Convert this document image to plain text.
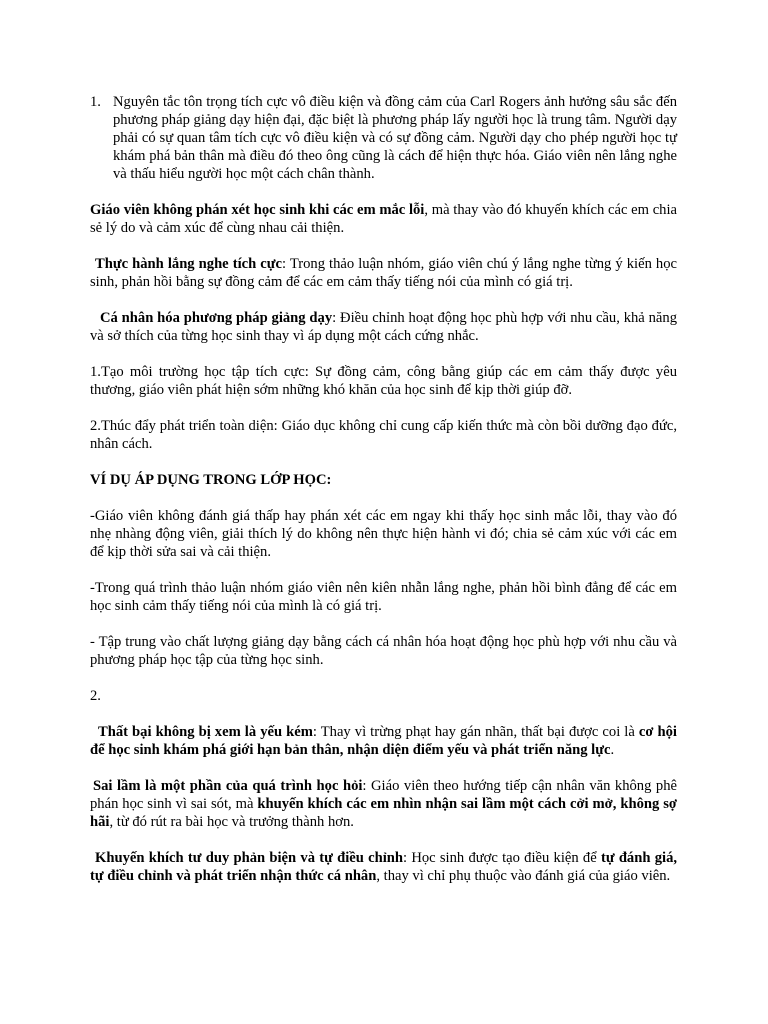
1. Nguyên tắc tôn trọng tích cực vô điều kiện và đồng cảm của Carl Rogers ảnh hưởng sâu sắc đến phương pháp giảng dạy hiện đại, đặc biệt là phương pháp lấy người học là trung tâm. Người dạy phải có sự quan tâm tích cực vô điều kiện và có sự đồng cảm. Người dạy cho phép người học tự khám phá bản thân mà điều đó theo ông cũng là cách để hiện thực hóa. Giáo viên nên lắng nghe và thấu hiểu người học một cách chân thành.

Giáo viên không phán xét học sinh khi các em mắc lỗi, mà thay vào đó khuyến khích các em chia sẻ lý do và cảm xúc để cùng nhau cải thiện.

Thực hành lắng nghe tích cực: Trong thảo luận nhóm, giáo viên chú ý lắng nghe từng ý kiến học sinh, phản hồi bằng sự đồng cảm để các em cảm thấy tiếng nói của mình có giá trị.

Cá nhân hóa phương pháp giảng dạy: Điều chỉnh hoạt động học phù hợp với nhu cầu, khả năng và sở thích của từng học sinh thay vì áp dụng một cách cứng nhắc.

1.Tạo môi trường học tập tích cực: Sự đồng cảm, công bằng giúp các em cảm thấy được yêu thương, giáo viên phát hiện sớm những khó khăn của học sinh để kịp thời giúp đỡ.

2.Thúc đẩy phát triển toàn diện: Giáo dục không chỉ cung cấp kiến thức mà còn bồi dưỡng đạo đức, nhân cách.

VÍ DỤ ÁP DỤNG TRONG LỚP HỌC:

-Giáo viên không đánh giá thấp hay phán xét các em ngay khi thấy học sinh mắc lỗi, thay vào đó nhẹ nhàng động viên, giải thích lý do không nên thực hiện hành vi đó; chia sẻ cảm xúc với các em để kịp thời sửa sai và cải thiện.

-Trong quá trình thảo luận nhóm giáo viên nên kiên nhẫn lắng nghe, phản hồi bình đẳng để các em học sinh cảm thấy tiếng nói của mình là có giá trị.

- Tập trung vào chất lượng giảng dạy bằng cách cá nhân hóa hoạt động học phù hợp với nhu cầu và phương pháp học tập của từng học sinh.

2.

Thất bại không bị xem là yếu kém: Thay vì trừng phạt hay gán nhãn, thất bại được coi là cơ hội để học sinh khám phá giới hạn bản thân, nhận diện điểm yếu và phát triển năng lực.

Sai lầm là một phần của quá trình học hỏi: Giáo viên theo hướng tiếp cận nhân văn không phê phán học sinh vì sai sót, mà khuyến khích các em nhìn nhận sai lầm một cách cởi mở, không sợ hãi, từ đó rút ra bài học và trưởng thành hơn.

Khuyến khích tư duy phản biện và tự điều chỉnh: Học sinh được tạo điều kiện để tự đánh giá, tự điều chỉnh và phát triển nhận thức cá nhân, thay vì chỉ phụ thuộc vào đánh giá của giáo viên.
